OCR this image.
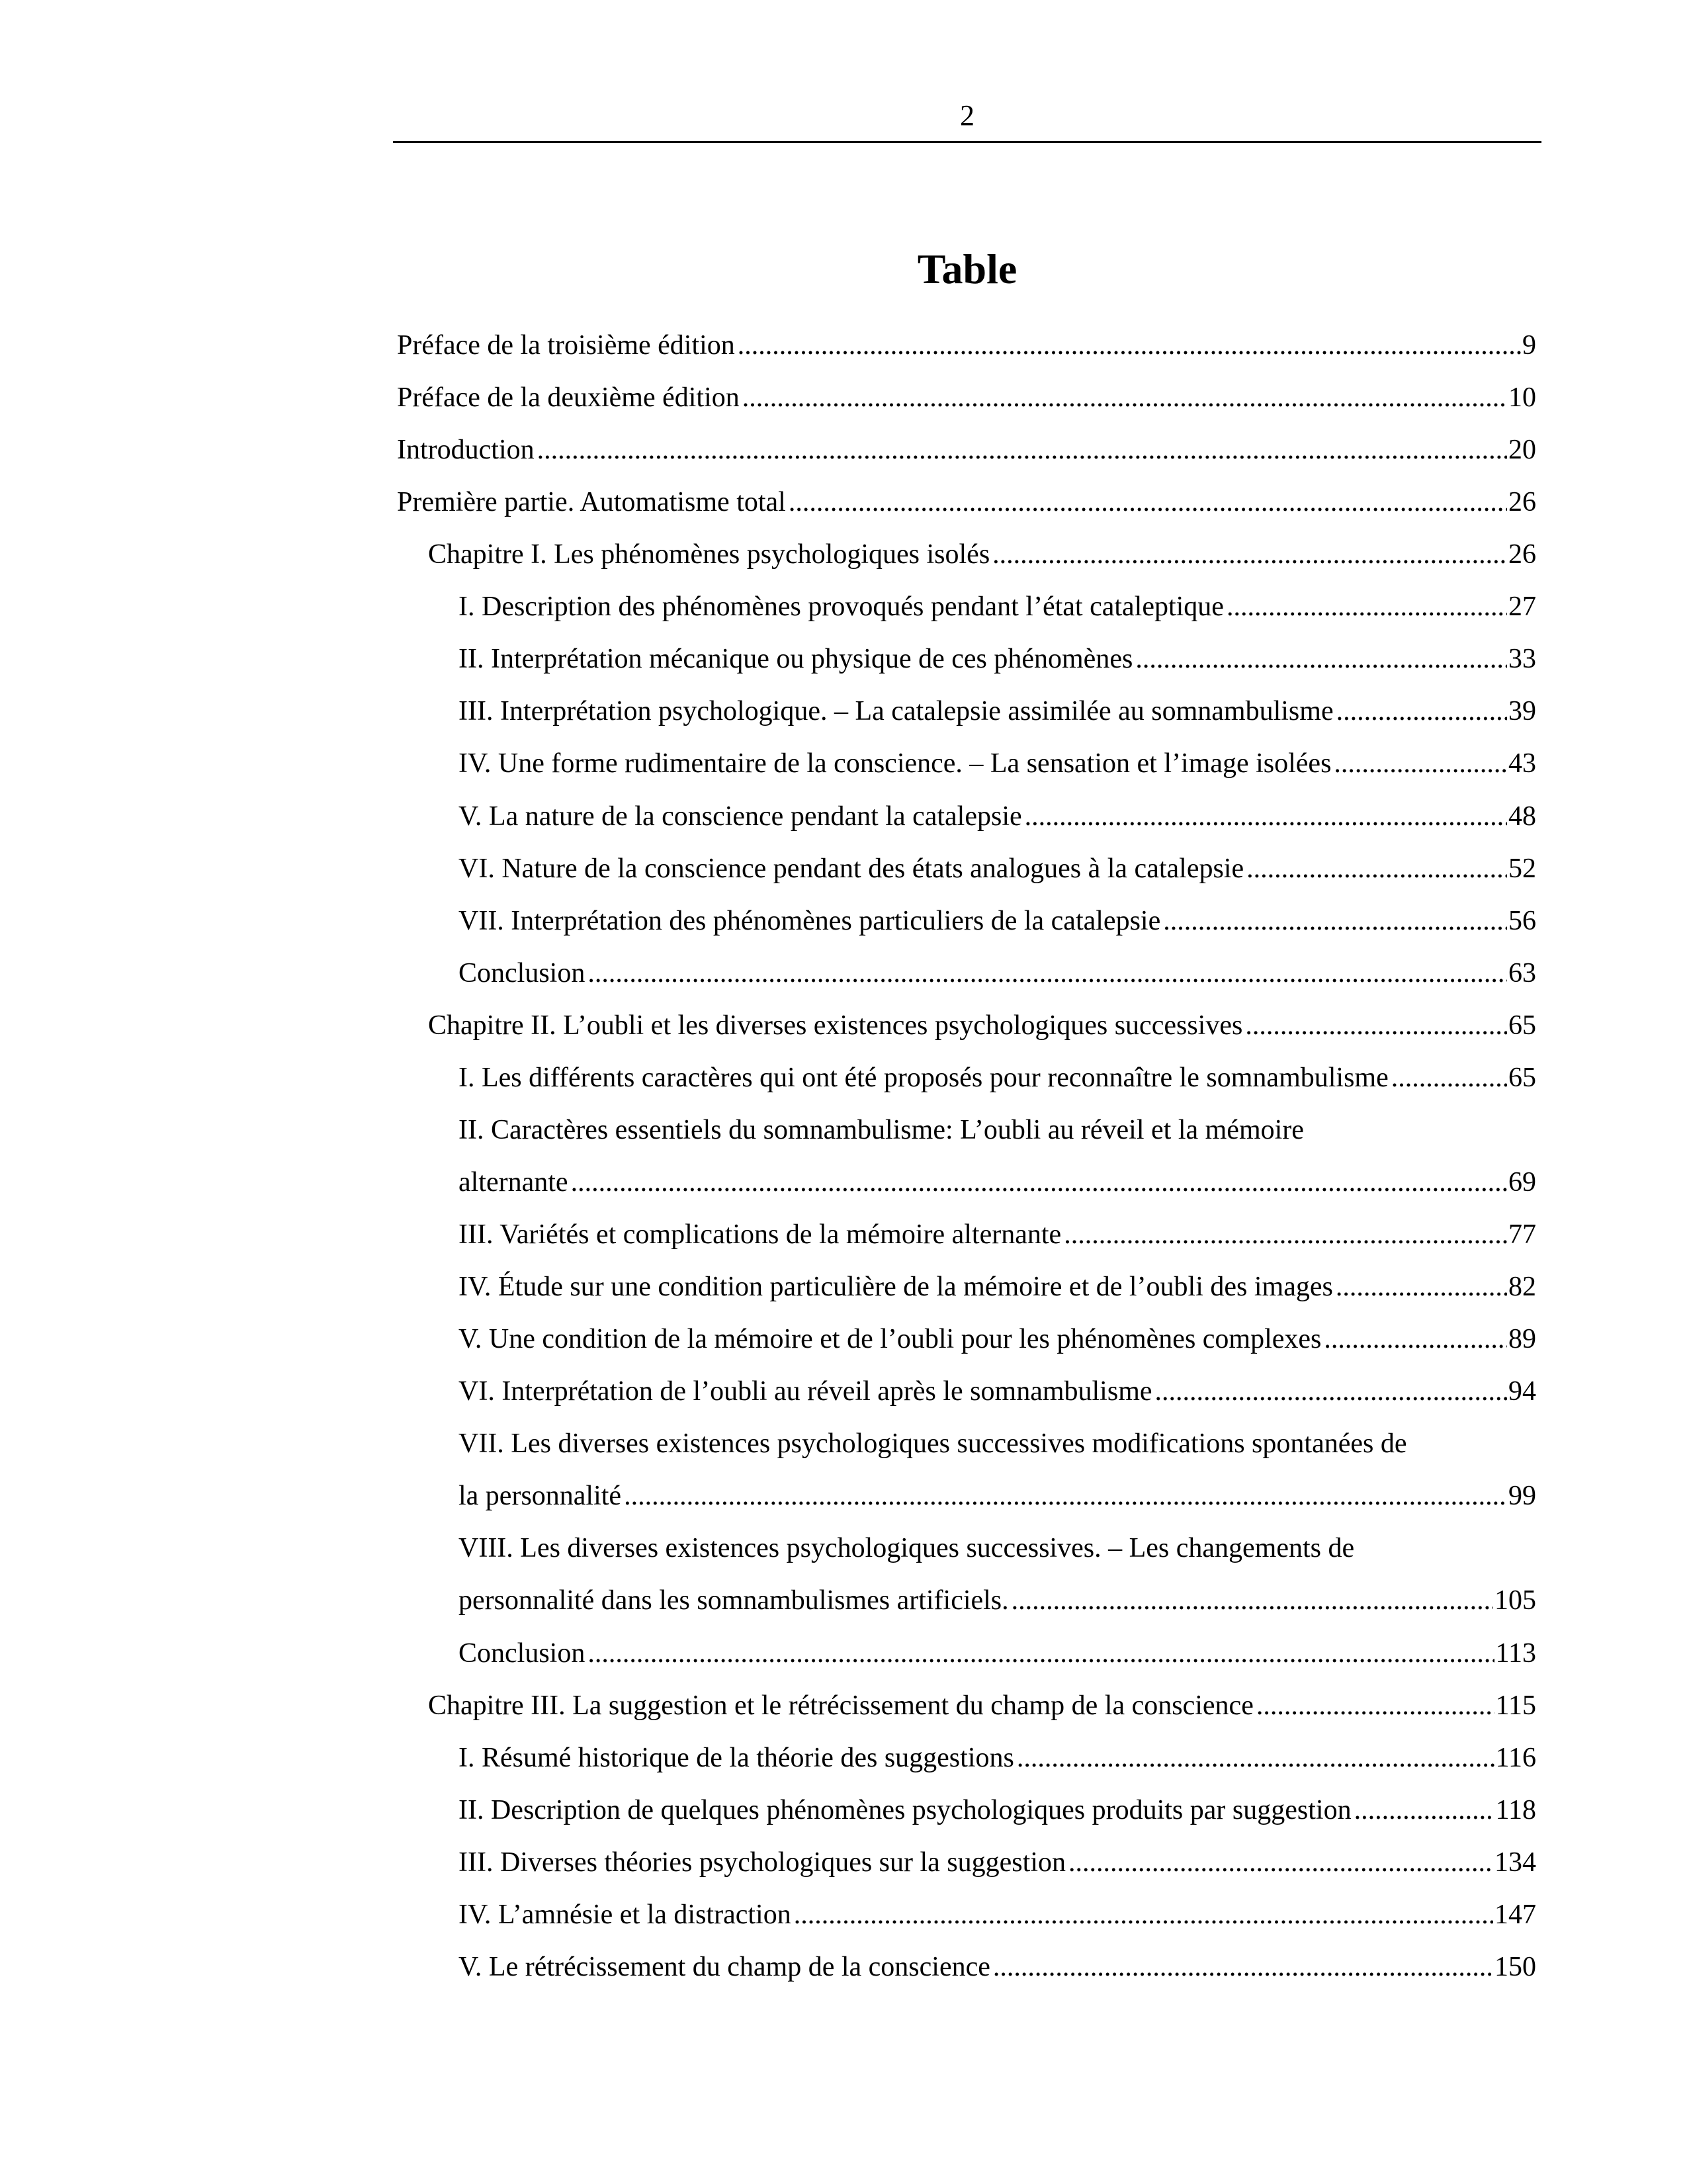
2
Table
Préface de la troisième édition .....	9
Préface de la deuxième édition .....	10
Introduction .....	20
Première partie. Automatisme total .....	26
Chapitre I. Les phénomènes psychologiques isolés .....	26
I. Description des phénomènes provoqués pendant l’état cataleptique .....	27
II. Interprétation mécanique ou physique de ces phénomènes .....	33
III. Interprétation psychologique. – La catalepsie assimilée au somnambulisme .....	39
IV. Une forme rudimentaire de la conscience. – La sensation et l’image isolées .....	43
V. La nature de la conscience pendant la catalepsie .....	48
VI. Nature de la conscience pendant des états analogues à la catalepsie .....	52
VII. Interprétation des phénomènes particuliers de la catalepsie .....	56
Conclusion .....	63
Chapitre II. L’oubli et les diverses existences psychologiques successives .....	65
I. Les différents caractères qui ont été proposés pour reconnaître le somnambulisme .....	65
II. Caractères essentiels du somnambulisme: L’oubli au réveil et la mémoire
alternante .....	69
III. Variétés et complications de la mémoire alternante .....	77
IV. Étude sur une condition particulière de la mémoire et de l’oubli des images .....	82
V. Une condition de la mémoire et de l’oubli pour les phénomènes complexes .....	89
VI. Interprétation de l’oubli au réveil après le somnambulisme .....	94
VII. Les diverses existences psychologiques successives modifications spontanées de
la personnalité .....	99
VIII. Les diverses existences psychologiques successives. – Les changements de
personnalité dans les somnambulismes artificiels. .....	105
Conclusion .....	113
Chapitre III. La suggestion et le rétrécissement du champ de la conscience .....	115
I. Résumé historique de la théorie des suggestions .....	116
II. Description de quelques phénomènes psychologiques produits par suggestion .....	118
III. Diverses théories psychologiques sur la suggestion .....	134
IV. L’amnésie et la distraction .....	147
V. Le rétrécissement du champ de la conscience .....	150
